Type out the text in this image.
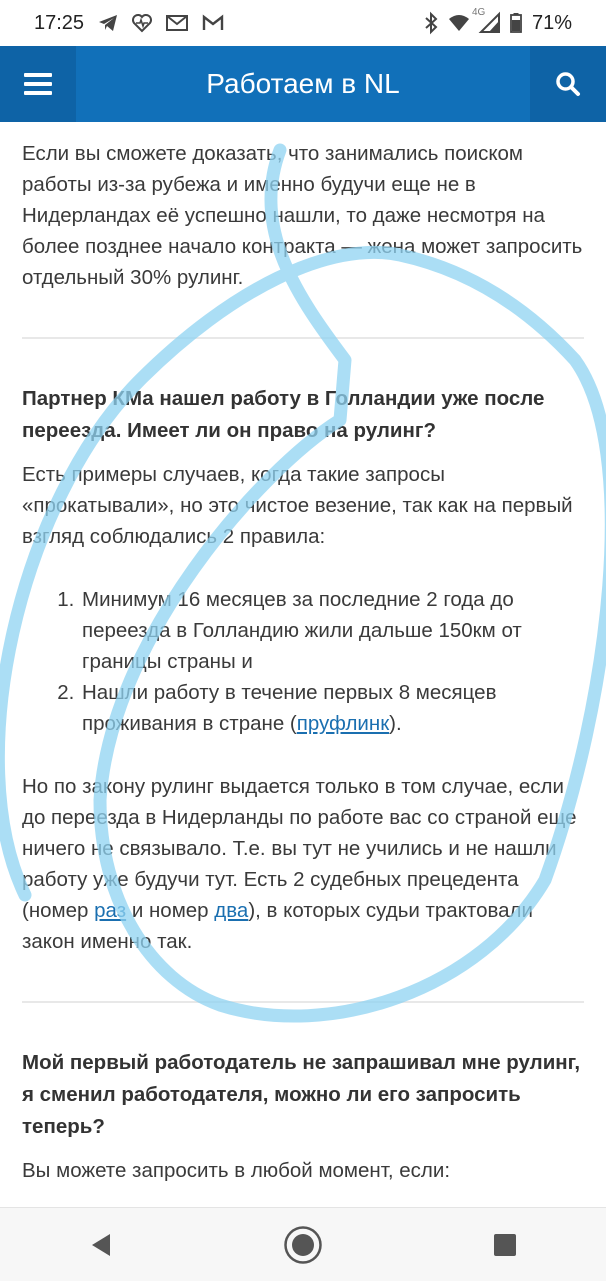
17:25	4G 71%
Работаем в NL

Если вы сможете доказать, что занимались поиском работы из-за рубежа и именно будучи еще не в Нидерландах её успешно нашли, то даже несмотря на более позднее начало контракта — жена может запросить отдельный 30% рулинг.

Партнер КМа нашел работу в Голландии уже после переезда. Имеет ли он право на рулинг?

Есть примеры случаев, когда такие запросы «прокатывали», но это чистое везение, так как на первый взгляд соблюдались 2 правила:

1. Минимум 16 месяцев за последние 2 года до переезда в Голландию жили дальше 150км от границы страны и
2. Нашли работу в течение первых 8 месяцев проживания в стране (пруфлинк).

Но по закону рулинг выдается только в том случае, если до переезда в Нидерланды по работе вас со страной еще ничего не связывало. Т.е. вы тут не учились и не нашли работу уже будучи тут. Есть 2 судебных прецедента (номер раз и номер два), в которых судьи трактовали закон именно так.

Мой первый работодатель не запрашивал мне рулинг, я сменил работодателя, можно ли его запросить теперь?

Вы можете запросить в любой момент, если:

1.
